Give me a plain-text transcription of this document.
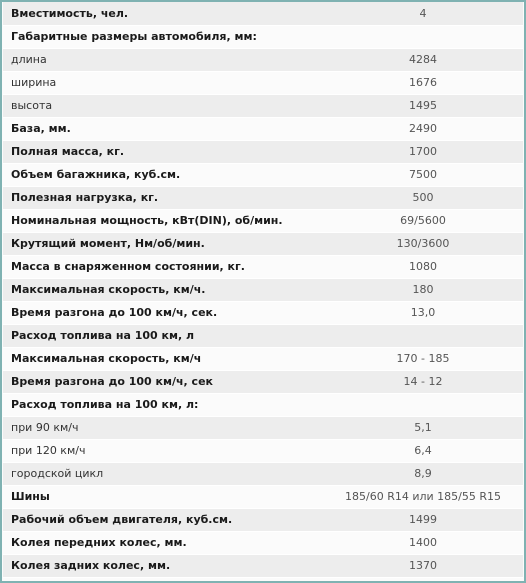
Вместимость, чел.	4
Габаритные размеры автомобиля, мм:	
длина	4284
ширина	1676
высота	1495
База, мм.	2490
Полная масса, кг.	1700
Объем багажника, куб.см.	7500
Полезная нагрузка, кг.	500
Номинальная мощность, кВт(DIN), об/мин.	69/5600
Крутящий момент, Нм/об/мин.	130/3600
Масса в снаряженном состоянии, кг.	1080
Максимальная скорость, км/ч.	180
Время разгона до 100 км/ч, сек.	13,0
Расход топлива на 100 км, л	
Максимальная скорость, км/ч	170 - 185
Время разгона до 100 км/ч, сек	14 - 12
Расход топлива на 100 км, л:	
при 90 км/ч	5,1
при 120 км/ч	6,4
городской цикл	8,9
Шины	185/60 R14 или 185/55 R15
Рабочий объем двигателя, куб.см.	1499
Колея передних колес, мм.	1400
Колея задних колес, мм.	1370
